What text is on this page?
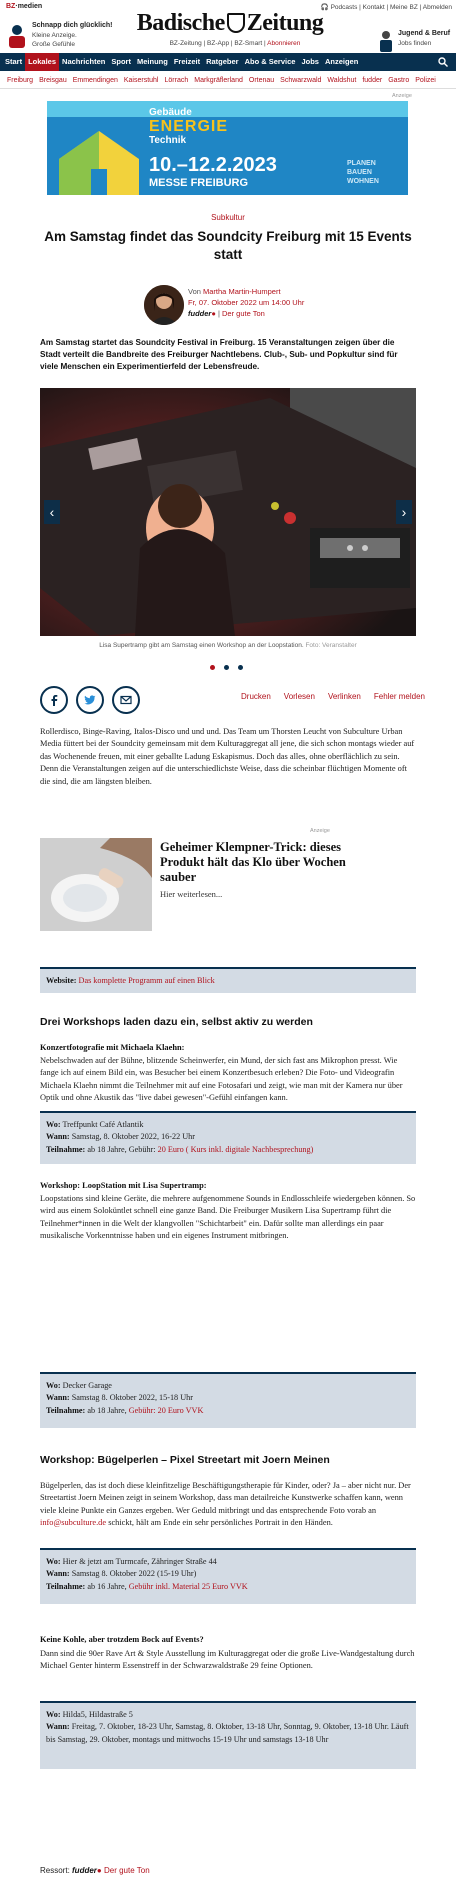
BZ·medien
Schnapp dich glücklich!
Kleine Anzeige.
Große Gefühle
Badische Zeitung
BZ-Zeitung | BZ-App | BZ-Smart | Abonnieren
🎧 Podcasts | Kontakt | Meine BZ | Abmelden
Jugend & Beruf
Jobs finden
Start Lokales Nachrichten Sport Meinung Freizeit Ratgeber Abo & Service Jobs Anzeigen
Freiburg Breisgau Emmendingen Kaiserstuhl Lörrach Markgräflerland Ortenau Schwarzwald Waldshut fudder Gastro Polizei
Anzeige
Gebäude
ENERGIE
Technik
10.–12.2.2023
MESSE FREIBURG
PLANEN
BAUEN
WOHNEN
Subkultur
Am Samstag findet das Soundcity Freiburg mit 15 Events statt
Von Martha Martin-Humpert
Fr, 07. Oktober 2022 um 14:00 Uhr
fudder● | Der gute Ton
Am Samstag startet das Soundcity Festival in Freiburg. 15 Veranstaltungen zeigen über die Stadt verteilt die Bandbreite des Freiburger Nachtlebens. Club-, Sub- und Popkultur sind für viele Menschen ein Experimentierfeld der Lebensfreude.
‹	›
Lisa Supertramp gibt am Samstag einen Workshop an der Loopstation. Foto: Veranstalter
Drucken Vorlesen Verlinken Fehler melden
Rollerdisco, Binge-Raving, Italos-Disco und und und. Das Team um Thorsten Leucht von Subculture Urban Media füttert bei der Soundcity gemeinsam mit dem Kulturaggregat all jene, die sich schon montags wieder auf das Wochenende freuen, mit einer geballte Ladung Eskapismus. Doch das alles, ohne oberflächlich zu sein. Denn die Veranstaltungen zeigen auf die unterschiedlichste Weise, dass die scheinbar flüchtigen Momente oft die sind, die am längsten bleiben.
Anzeige
Geheimer Klempner-Trick: dieses Produkt hält das Klo über Wochen sauber
Hier weiterlesen...
Website: Das komplette Programm auf einen Blick
Drei Workshops laden dazu ein, selbst aktiv zu werden
Konzertfotografie mit Michaela Klaehn:
Nebelschwaden auf der Bühne, blitzende Scheinwerfer, ein Mund, der sich fast ans Mikrophon presst. Wie fange ich auf einem Bild ein, was Besucher bei einem Konzertbesuch erleben? Die Foto- und Videografin Michaela Klaehn nimmt die Teilnehmer mit auf eine Fotosafari und zeigt, wie man mit der Kamera nur über Optik und ohne Akustik das "live dabei gewesen"-Gefühl einfangen kann.
Wo: Treffpunkt Café Atlantik
Wann: Samstag, 8. Oktober 2022, 16-22 Uhr
Teilnahme: ab 18 Jahre, Gebühr: 20 Euro ( Kurs inkl. digitale Nachbesprechung)
Workshop: LoopStation mit Lisa Supertramp:
Loopstations sind kleine Geräte, die mehrere aufgenommene Sounds in Endlosschleife wiedergeben können. So wird aus einem Soloküntlet schnell eine ganze Band. Die Freiburger Musikern Lisa Supertramp führt die Teilnehmer*innen in die Welt der klangvollen "Schichtarbeit" ein. Dafür sollte man allerdings ein paar musikalische Vorkenntnisse haben und ein eigenes Instrument mitbringen.
Wo: Decker Garage
Wann: Samstag 8. Oktober 2022, 15-18 Uhr
Teilnahme: ab 18 Jahre, Gebühr: 20 Euro VVK
Workshop: Bügelperlen – Pixel Streetart mit Joern Meinen
Bügelperlen, das ist doch diese kleinfitzelige Beschäftigungstherapie für Kinder, oder? Ja – aber nicht nur. Der Streetartist Joern Meinen zeigt in seinem Workshop, dass man detailreiche Kunstwerke schaffen kann, wenn viele kleine Punkte ein Ganzes ergeben. Wer Geduld mitbringt und das entsprechende Foto vorab an info@subculture.de schickt, hält am Ende ein sehr persönliches Portrait in den Händen.
Wo: Hier & jetzt am Turmcafe, Zähringer Straße 44
Wann: Samstag 8. Oktober 2022 (15-19 Uhr)
Teilnahme: ab 16 Jahre, Gebühr inkl. Material 25 Euro VVK
Keine Kohle, aber trotzdem Bock auf Events?
Dann sind die 90er Rave Art & Style Ausstellung im Kulturaggregat oder die große Live-Wandgestaltung durch Michael Genter hinterm Essenstreff in der Schwarzwaldstraße 29 feine Optionen.
Wo: Hilda5, Hildastraße 5
Wann: Freitag, 7. Oktober, 18-23 Uhr, Samstag, 8. Oktober, 13-18 Uhr, Sonntag, 9. Oktober, 13-18 Uhr. Läuft bis Samstag, 29. Oktober, montags und mittwochs 15-19 Uhr und samstags 13-18 Uhr
Ressort: fudder● Der gute Ton
